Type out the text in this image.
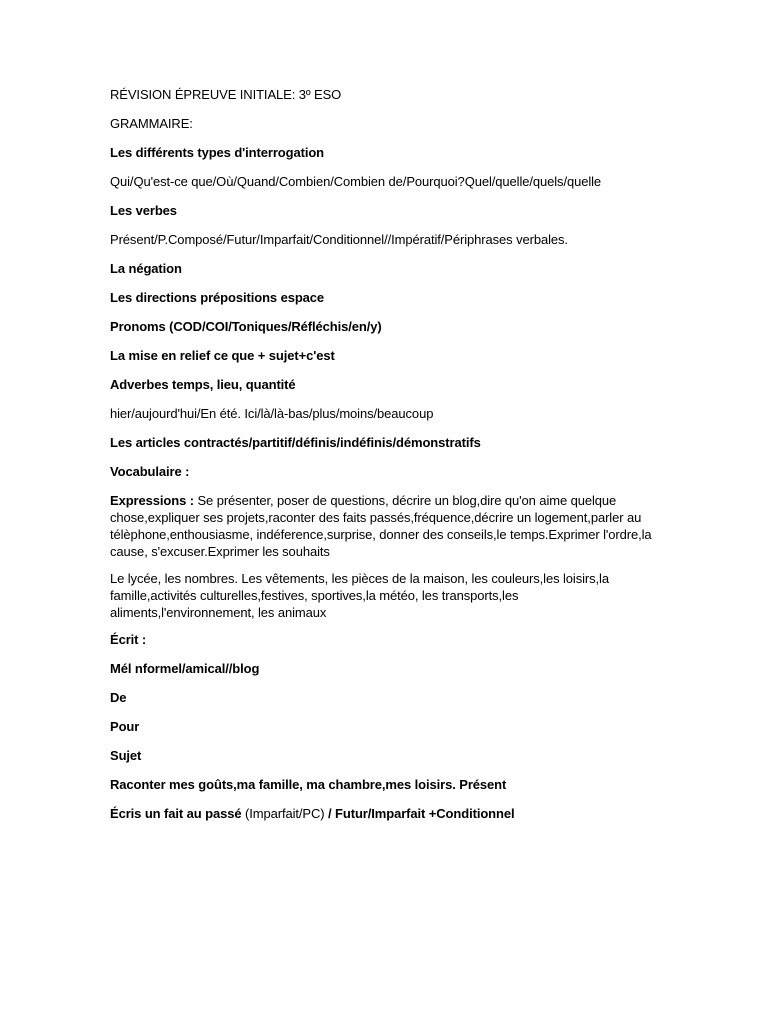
RÉVISION ÉPREUVE INITIALE: 3º ESO
GRAMMAIRE:
Les différents types d'interrogation
Qui/Qu'est-ce que/Où/Quand/Combien/Combien de/Pourquoi?Quel/quelle/quels/quelle
Les verbes
Présent/P.Composé/Futur/Imparfait/Conditionnel//Impératif/Périphrases verbales.
La négation
Les directions prépositions espace
Pronoms (COD/COI/Toniques/Réfléchis/en/y)
La mise en relief ce que + sujet+c'est
Adverbes temps, lieu, quantité
hier/aujourd'hui/En été. Ici/là/là-bas/plus/moins/beaucoup
Les articles contractés/partitif/définis/indéfinis/démonstratifs
Vocabulaire :
Expressions : Se présenter, poser de questions, décrire un blog,dire qu'on aime quelque chose,expliquer ses projets,raconter des faits passés,fréquence,décrire un logement,parler au télèphone,enthousiasme, indéference,surprise, donner des conseils,le temps.Exprimer l'ordre,la cause, s'excuser.Exprimer les souhaits
Le lycée, les nombres. Les vêtements, les pièces de la maison, les couleurs,les loisirs,la famille,activités culturelles,festives, sportives,la météo, les transports,les aliments,l'environnement, les animaux
Écrit :
Mél nformel/amical//blog
De
Pour
Sujet
Raconter mes goûts,ma famille, ma chambre,mes loisirs. Présent
Écris un fait au passé (Imparfait/PC) / Futur/Imparfait +Conditionnel
